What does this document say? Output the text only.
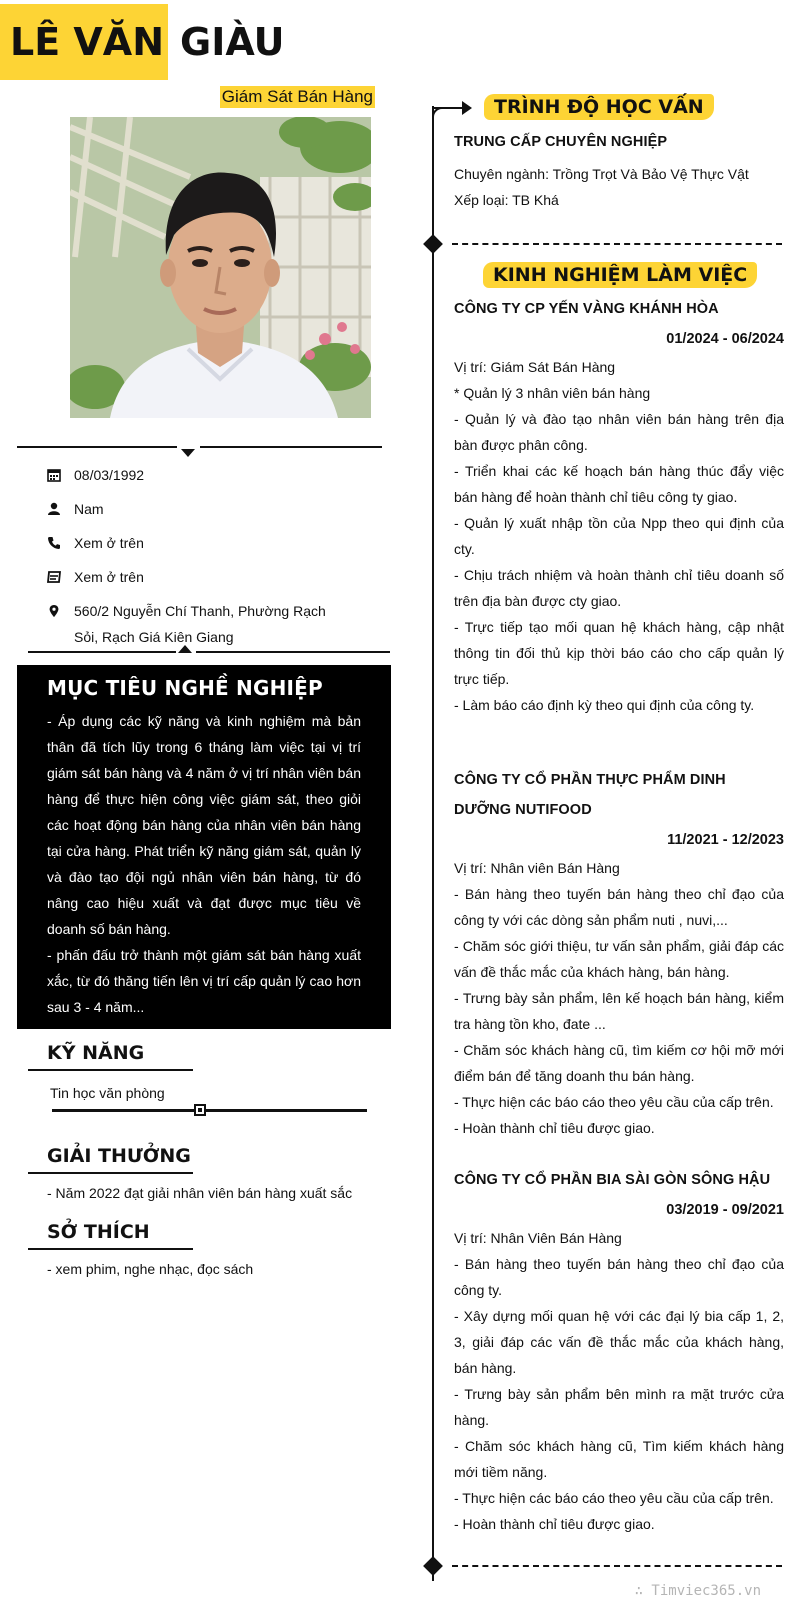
LÊ VĂN GIÀU
Giám Sát Bán Hàng
08/03/1992
Nam
Xem ở trên
Xem ở trên
560/2 Nguyễn Chí Thanh, Phường Rạch Sỏi, Rạch Giá Kiên Giang
MỤC TIÊU NGHỀ NGHIỆP
- Áp dụng các kỹ năng và kinh nghiệm mà bản thân đã tích lũy trong 6 tháng làm việc tại vị trí giám sát bán hàng và 4 năm ở vị trí nhân viên bán hàng để thực hiện công việc giám sát, theo giỏi các hoạt động bán hàng của nhân viên bán hàng tại cửa hàng. Phát triển kỹ năng giám sát, quản lý và đào tạo đội ngủ nhân viên bán hàng, từ đó nâng cao hiệu xuất và đạt được mục tiêu về doanh số bán hàng.
- phấn đấu trở thành một giám sát bán hàng xuất xắc, từ đó thăng tiến lên vị trí cấp quản lý cao hơn sau 3 - 4 năm...
KỸ NĂNG
Tin học văn phòng
GIẢI THƯỞNG
- Năm 2022 đạt giải nhân viên bán hàng xuất sắc
SỞ THÍCH
- xem phim, nghe nhạc, đọc sách
TRÌNH ĐỘ HỌC VẤN
TRUNG CẤP CHUYÊN NGHIỆP
Chuyên ngành: Trồng Trọt Và Bảo Vệ Thực Vật
Xếp loại: TB Khá
KINH NGHIỆM LÀM VIỆC
CÔNG TY CP YẾN VÀNG KHÁNH HÒA
01/2024 - 06/2024
Vị trí: Giám Sát Bán Hàng
* Quản lý 3 nhân viên bán hàng
- Quản lý và đào tạo nhân viên bán hàng trên địa bàn được phân công.
- Triển khai các kế hoạch bán hàng thúc đẩy việc bán hàng để hoàn thành chỉ tiêu công ty giao.
- Quản lý xuất nhập tồn của Npp theo qui định của cty.
- Chịu trách nhiệm và hoàn thành chỉ tiêu doanh số trên địa bàn được cty giao.
- Trực tiếp tạo mối quan hệ khách hàng, cập nhật thông tin đối thủ kịp thời báo cáo cho cấp quản lý trực tiếp.
- Làm báo cáo định kỳ theo qui định của công ty.
CÔNG TY CỔ PHẦN THỰC PHẨM DINH DƯỠNG NUTIFOOD
11/2021 - 12/2023
Vị trí: Nhân viên Bán Hàng
- Bán hàng theo tuyến bán hàng theo chỉ đạo của công ty với các dòng sản phẩm nuti , nuvi,...
- Chăm sóc giới thiệu, tư vấn sản phẩm, giải đáp các vấn đề thắc mắc của khách hàng, bán hàng.
- Trưng bày sản phẩm, lên kế hoạch bán hàng, kiểm tra hàng tồn kho, đate ...
- Chăm sóc khách hàng cũ, tìm kiếm cơ hội mỡ mới điểm bán để tăng doanh thu bán hàng.
- Thực hiện các báo cáo theo yêu cầu của cấp trên.
- Hoàn thành chỉ tiêu được giao.
CÔNG TY CỔ PHẦN BIA SÀI GÒN SÔNG HẬU
03/2019 - 09/2021
Vị trí: Nhân Viên Bán Hàng
- Bán hàng theo tuyến bán hàng theo chỉ đạo của công ty.
- Xây dựng mối quan hệ với các đại lý bia cấp 1, 2, 3, giải đáp các vấn đề thắc mắc của khách hàng, bán hàng.
- Trưng bày sản phẩm bên mình ra mặt trước cửa hàng.
- Chăm sóc khách hàng cũ, Tìm kiếm khách hàng mới tiềm năng.
- Thực hiện các báo cáo theo yêu cầu của cấp trên.
- Hoàn thành chỉ tiêu được giao.
∴ Timviec365.vn
